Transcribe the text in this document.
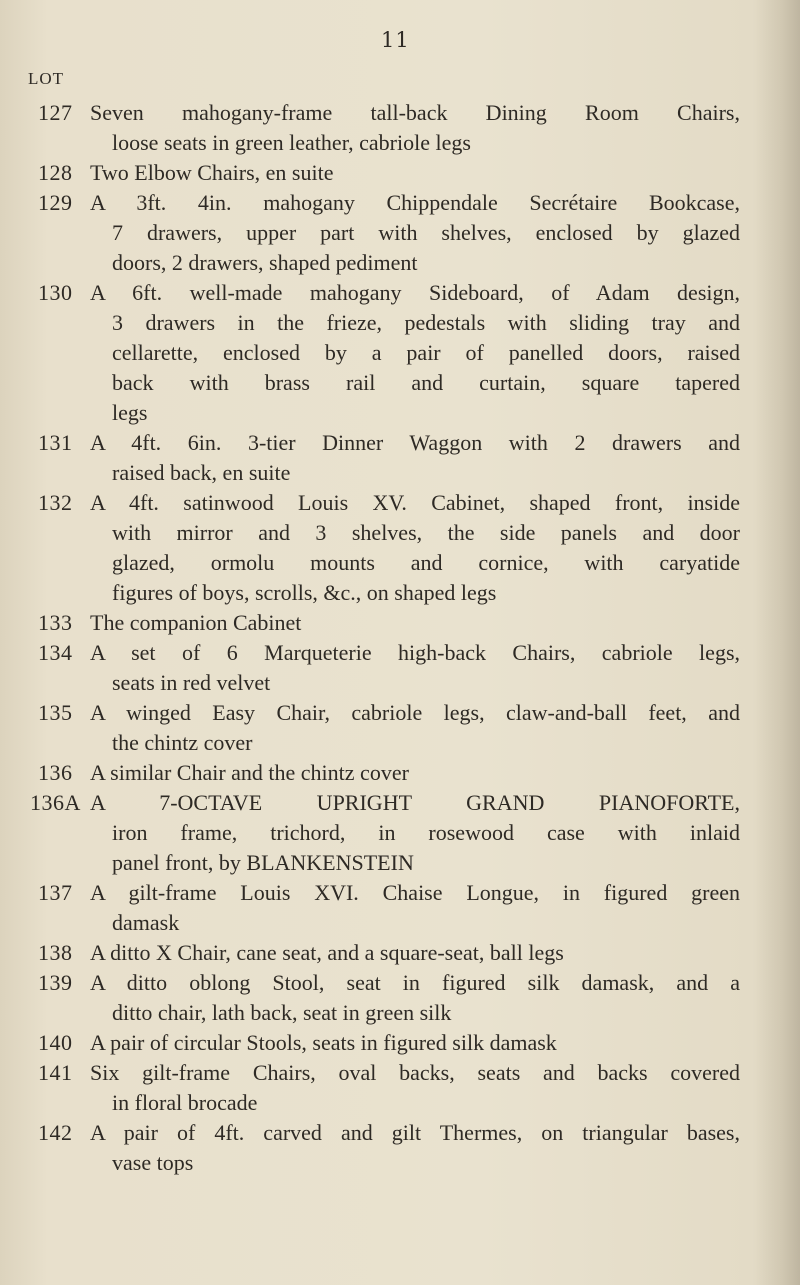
11
LOT
127 Seven mahogany-frame tall-back Dining Room Chairs,
loose seats in green leather, cabriole legs
128 Two Elbow Chairs, en suite
129 A 3ft. 4in. mahogany Chippendale Secrétaire Bookcase,
7 drawers, upper part with shelves, enclosed by glazed
doors, 2 drawers, shaped pediment
130 A 6ft. well-made mahogany Sideboard, of Adam design,
3 drawers in the frieze, pedestals with sliding tray and
cellarette, enclosed by a pair of panelled doors, raised
back with brass rail and curtain, square tapered
legs
131 A 4ft. 6in. 3-tier Dinner Waggon with 2 drawers and
raised back, en suite
132 A 4ft. satinwood Louis XV. Cabinet, shaped front, inside
with mirror and 3 shelves, the side panels and door
glazed, ormolu mounts and cornice, with caryatide
figures of boys, scrolls, &c., on shaped legs
133 The companion Cabinet
134 A set of 6 Marqueterie high-back Chairs, cabriole legs,
seats in red velvet
135 A winged Easy Chair, cabriole legs, claw-and-ball feet, and
the chintz cover
136 A similar Chair and the chintz cover
136A A 7-OCTAVE UPRIGHT GRAND PIANOFORTE,
iron frame, trichord, in rosewood case with inlaid
panel front, by BLANKENSTEIN
137 A gilt-frame Louis XVI. Chaise Longue, in figured green
damask
138 A ditto X Chair, cane seat, and a square-seat, ball legs
139 A ditto oblong Stool, seat in figured silk damask, and a
ditto chair, lath back, seat in green silk
140 A pair of circular Stools, seats in figured silk damask
141 Six gilt-frame Chairs, oval backs, seats and backs covered
in floral brocade
142 A pair of 4ft. carved and gilt Thermes, on triangular bases,
vase tops
